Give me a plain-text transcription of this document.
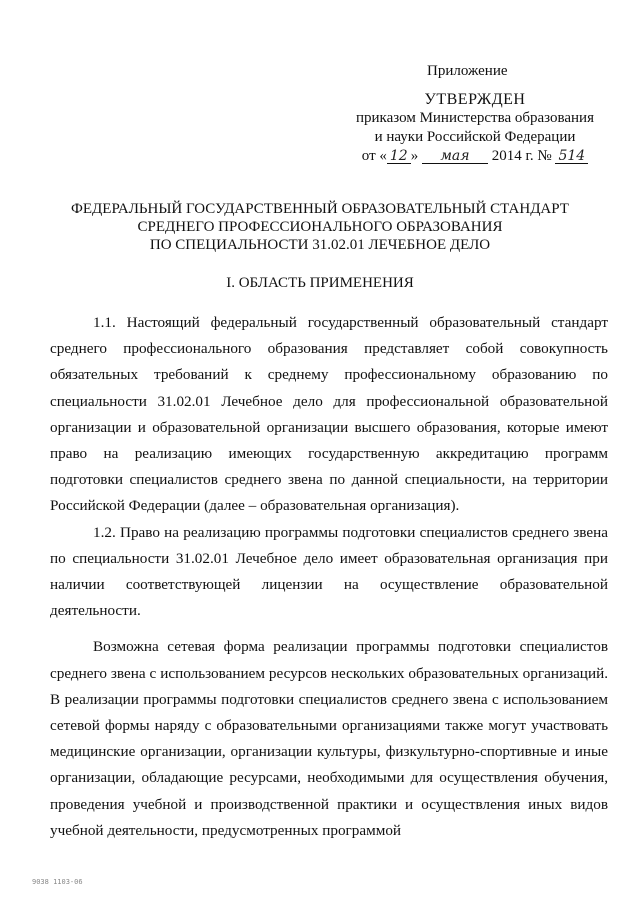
Приложение
УТВЕРЖДЕН
приказом Министерства образования
и науки Российской Федерации
от « 12 » мая 2014 г. № 514
ФЕДЕРАЛЬНЫЙ ГОСУДАРСТВЕННЫЙ ОБРАЗОВАТЕЛЬНЫЙ СТАНДАРТ
СРЕДНЕГО ПРОФЕССИОНАЛЬНОГО ОБРАЗОВАНИЯ
ПО СПЕЦИАЛЬНОСТИ 31.02.01 ЛЕЧЕБНОЕ ДЕЛО
I. ОБЛАСТЬ ПРИМЕНЕНИЯ

1.1. Настоящий федеральный государственный образовательный стандарт среднего профессионального образования представляет собой совокупность обязательных требований к среднему профессиональному образованию по специальности 31.02.01 Лечебное дело для профессиональной образовательной организации и образовательной организации высшего образования, которые имеют право на реализацию имеющих государственную аккредитацию программ подготовки специалистов среднего звена по данной специальности, на территории Российской Федерации (далее – образовательная организация).

1.2. Право на реализацию программы подготовки специалистов среднего звена по специальности 31.02.01 Лечебное дело имеет образовательная организация при наличии соответствующей лицензии на осуществление образовательной деятельности.

Возможна сетевая форма реализации программы подготовки специалистов среднего звена с использованием ресурсов нескольких образовательных организаций. В реализации программы подготовки специалистов среднего звена с использованием сетевой формы наряду с образовательными организациями также могут участвовать медицинские организации, организации культуры, физкультурно-спортивные и иные организации, обладающие ресурсами, необходимыми для осуществления обучения, проведения учебной и производственной практики и осуществления иных видов учебной деятельности, предусмотренных программой

9038 1103-06
